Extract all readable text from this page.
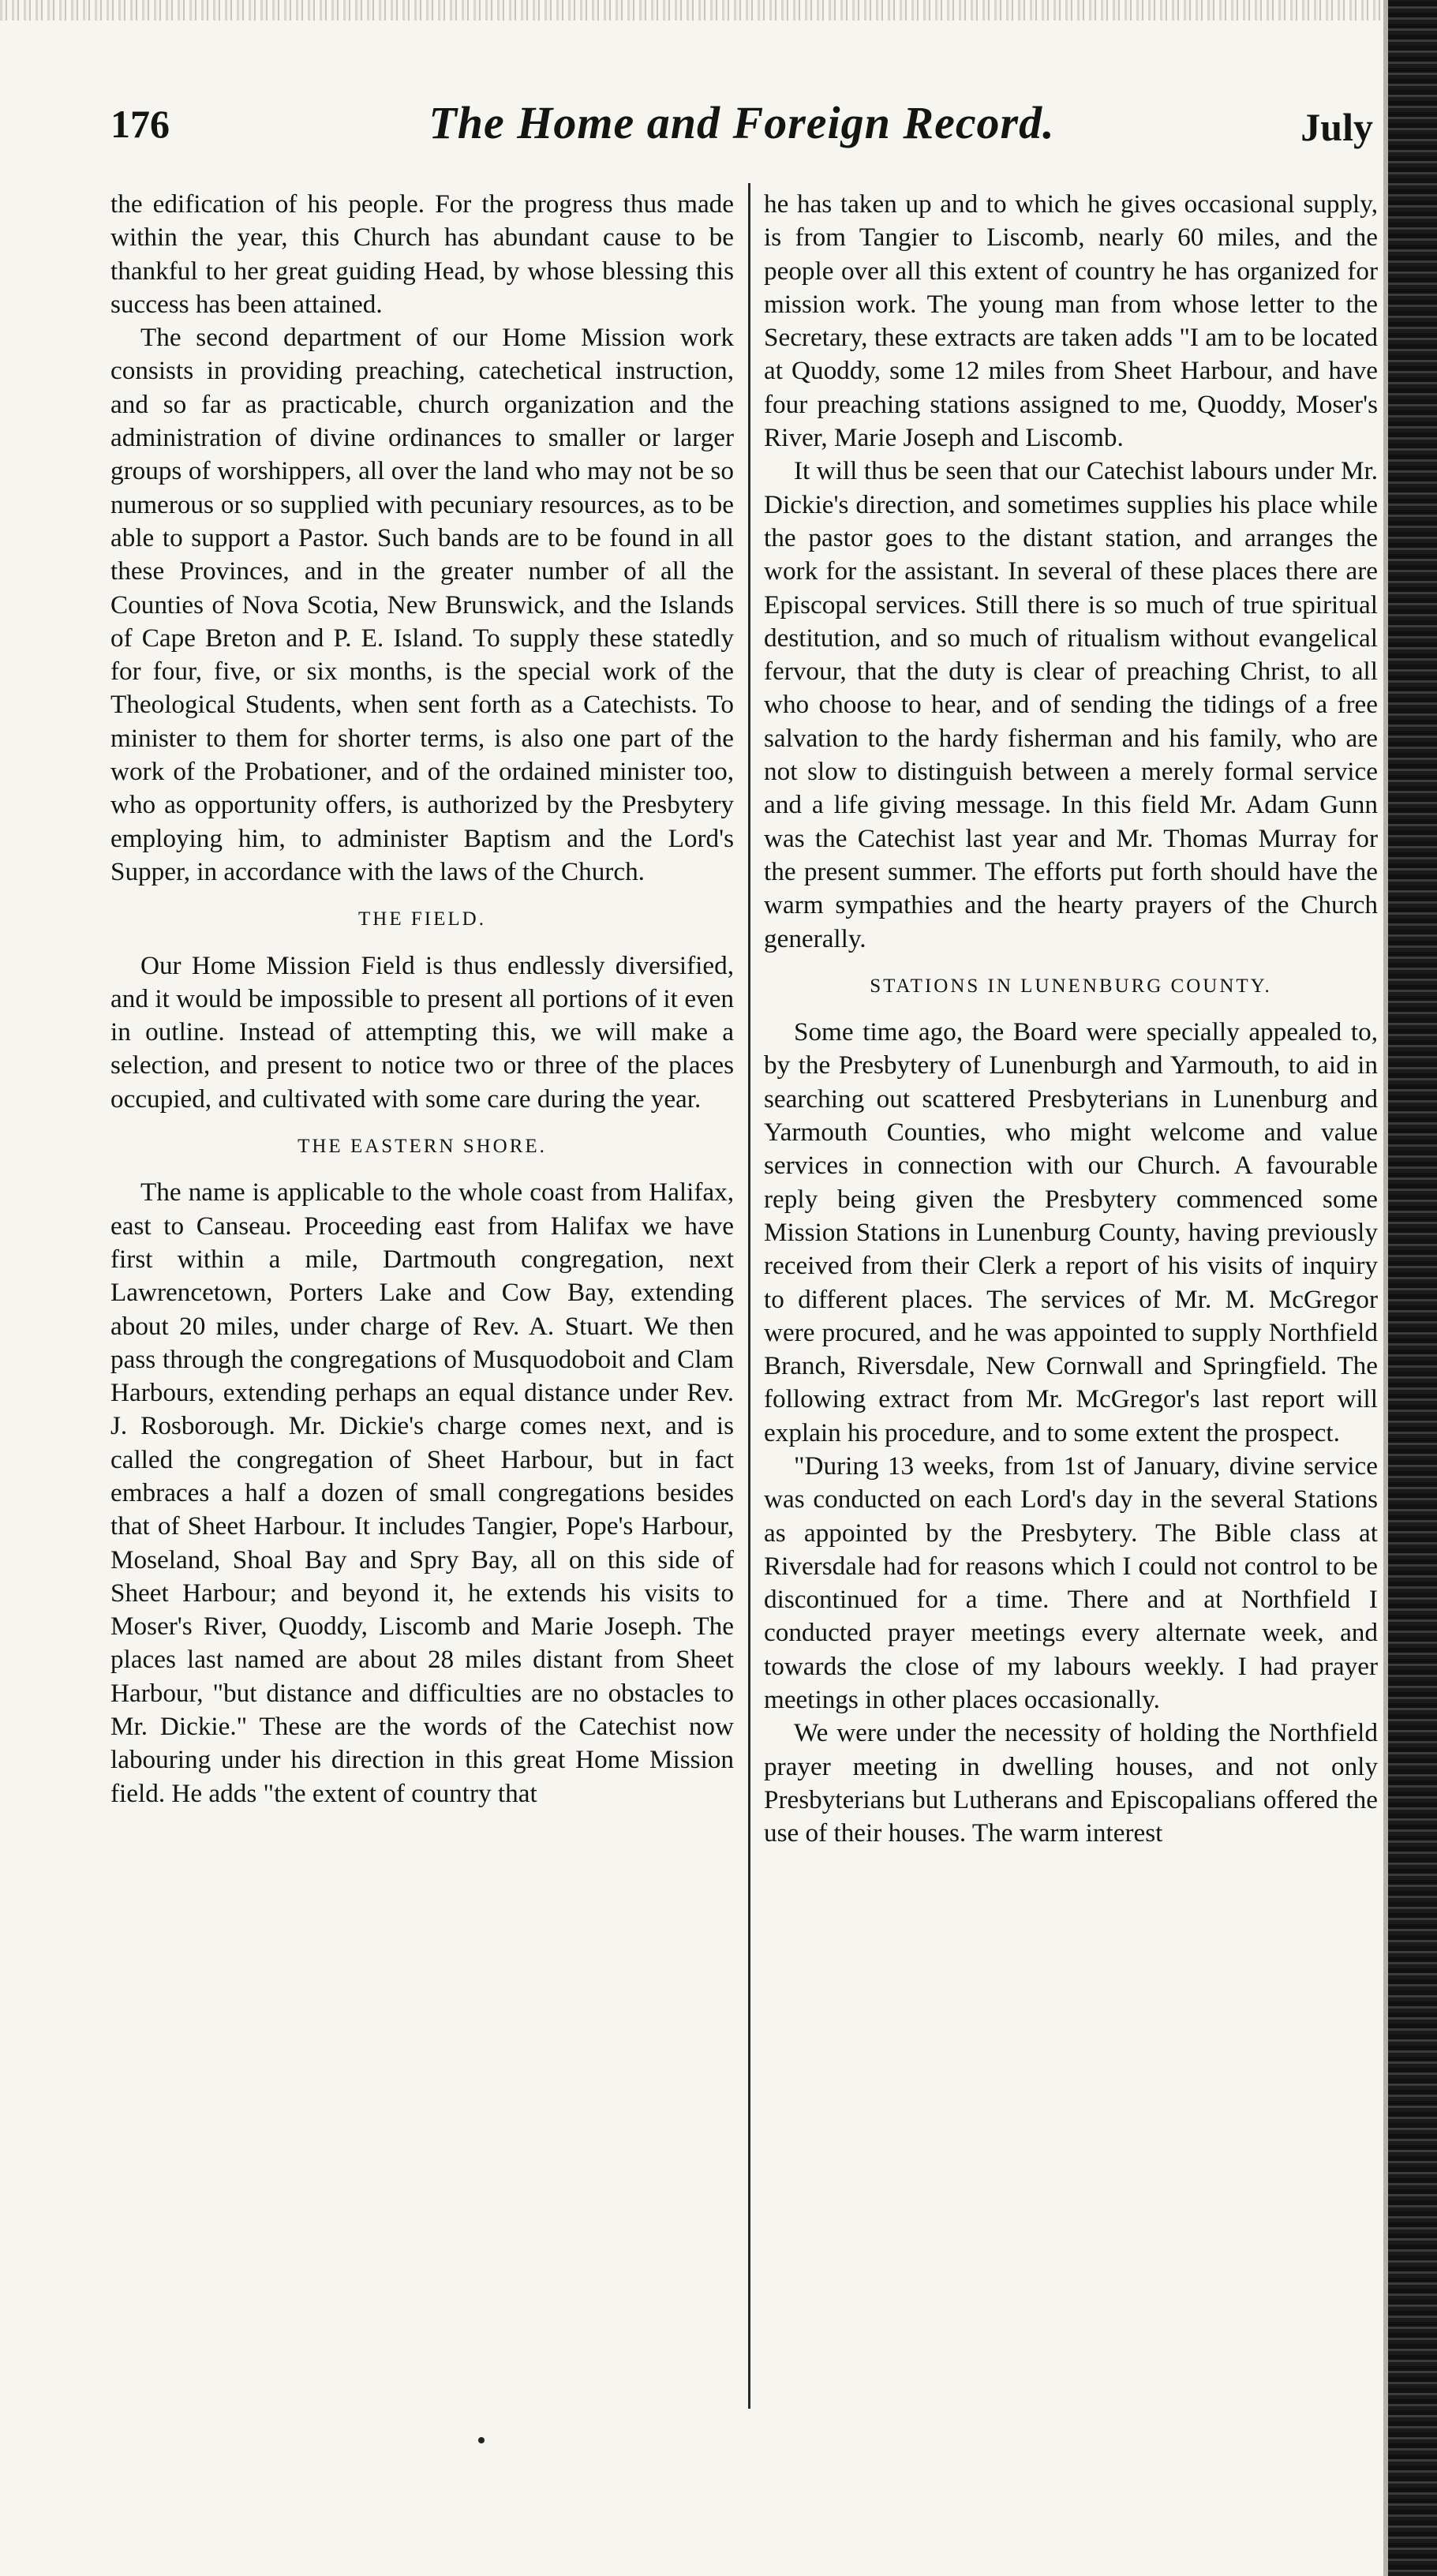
176	The Home and Foreign Record.	July

the edification of his people. For the progress thus made within the year, this Church has abundant cause to be thankful to her great guiding Head, by whose blessing this success has been attained.

The second department of our Home Mission work consists in providing preaching, catechetical instruction, and so far as practicable, church organization and the administration of divine ordinances to smaller or larger groups of worshippers, all over the land who may not be so numerous or so supplied with pecuniary resources, as to be able to support a Pastor. Such bands are to be found in all these Provinces, and in the greater number of all the Counties of Nova Scotia, New Brunswick, and the Islands of Cape Breton and P. E. Island. To supply these statedly for four, five, or six months, is the special work of the Theological Students, when sent forth as a Catechists. To minister to them for shorter terms, is also one part of the work of the Probationer, and of the ordained minister too, who as opportunity offers, is authorized by the Presbytery employing him, to administer Baptism and the Lord's Supper, in accordance with the laws of the Church.

THE FIELD.

Our Home Mission Field is thus endlessly diversified, and it would be impossible to present all portions of it even in outline. Instead of attempting this, we will make a selection, and present to notice two or three of the places occupied, and cultivated with some care during the year.

THE EASTERN SHORE.

The name is applicable to the whole coast from Halifax, east to Canseau. Proceeding east from Halifax we have first within a mile, Dartmouth congregation, next Lawrencetown, Porters Lake and Cow Bay, extending about 20 miles, under charge of Rev. A. Stuart. We then pass through the congregations of Musquodoboit and Clam Harbours, extending perhaps an equal distance under Rev. J. Rosborough. Mr. Dickie's charge comes next, and is called the congregation of Sheet Harbour, but in fact embraces a half a dozen of small congregations besides that of Sheet Harbour. It includes Tangier, Pope's Harbour, Moseland, Shoal Bay and Spry Bay, all on this side of Sheet Harbour; and beyond it, he extends his visits to Moser's River, Quoddy, Liscomb and Marie Joseph. The places last named are about 28 miles distant from Sheet Harbour, "but distance and difficulties are no obstacles to Mr. Dickie." These are the words of the Catechist now labouring under his direction in this great Home Mission field. He adds "the extent of country that

he has taken up and to which he gives occasional supply, is from Tangier to Liscomb, nearly 60 miles, and the people over all this extent of country he has organized for mission work. The young man from whose letter to the Secretary, these extracts are taken adds "I am to be located at Quoddy, some 12 miles from Sheet Harbour, and have four preaching stations assigned to me, Quoddy, Moser's River, Marie Joseph and Liscomb.

It will thus be seen that our Catechist labours under Mr. Dickie's direction, and sometimes supplies his place while the pastor goes to the distant station, and arranges the work for the assistant. In several of these places there are Episcopal services. Still there is so much of true spiritual destitution, and so much of ritualism without evangelical fervour, that the duty is clear of preaching Christ, to all who choose to hear, and of sending the tidings of a free salvation to the hardy fisherman and his family, who are not slow to distinguish between a merely formal service and a life giving message. In this field Mr. Adam Gunn was the Catechist last year and Mr. Thomas Murray for the present summer. The efforts put forth should have the warm sympathies and the hearty prayers of the Church generally.

STATIONS IN LUNENBURG COUNTY.

Some time ago, the Board were specially appealed to, by the Presbytery of Lunenburgh and Yarmouth, to aid in searching out scattered Presbyterians in Lunenburg and Yarmouth Counties, who might welcome and value services in connection with our Church. A favourable reply being given the Presbytery commenced some Mission Stations in Lunenburg County, having previously received from their Clerk a report of his visits of inquiry to different places. The services of Mr. M. McGregor were procured, and he was appointed to supply Northfield Branch, Riversdale, New Cornwall and Springfield. The following extract from Mr. McGregor's last report will explain his procedure, and to some extent the prospect.

"During 13 weeks, from 1st of January, divine service was conducted on each Lord's day in the several Stations as appointed by the Presbytery. The Bible class at Riversdale had for reasons which I could not control to be discontinued for a time. There and at Northfield I conducted prayer meetings every alternate week, and towards the close of my labours weekly. I had prayer meetings in other places occasionally.

We were under the necessity of holding the Northfield prayer meeting in dwelling houses, and not only Presbyterians but Lutherans and Episcopalians offered the use of their houses. The warm interest
